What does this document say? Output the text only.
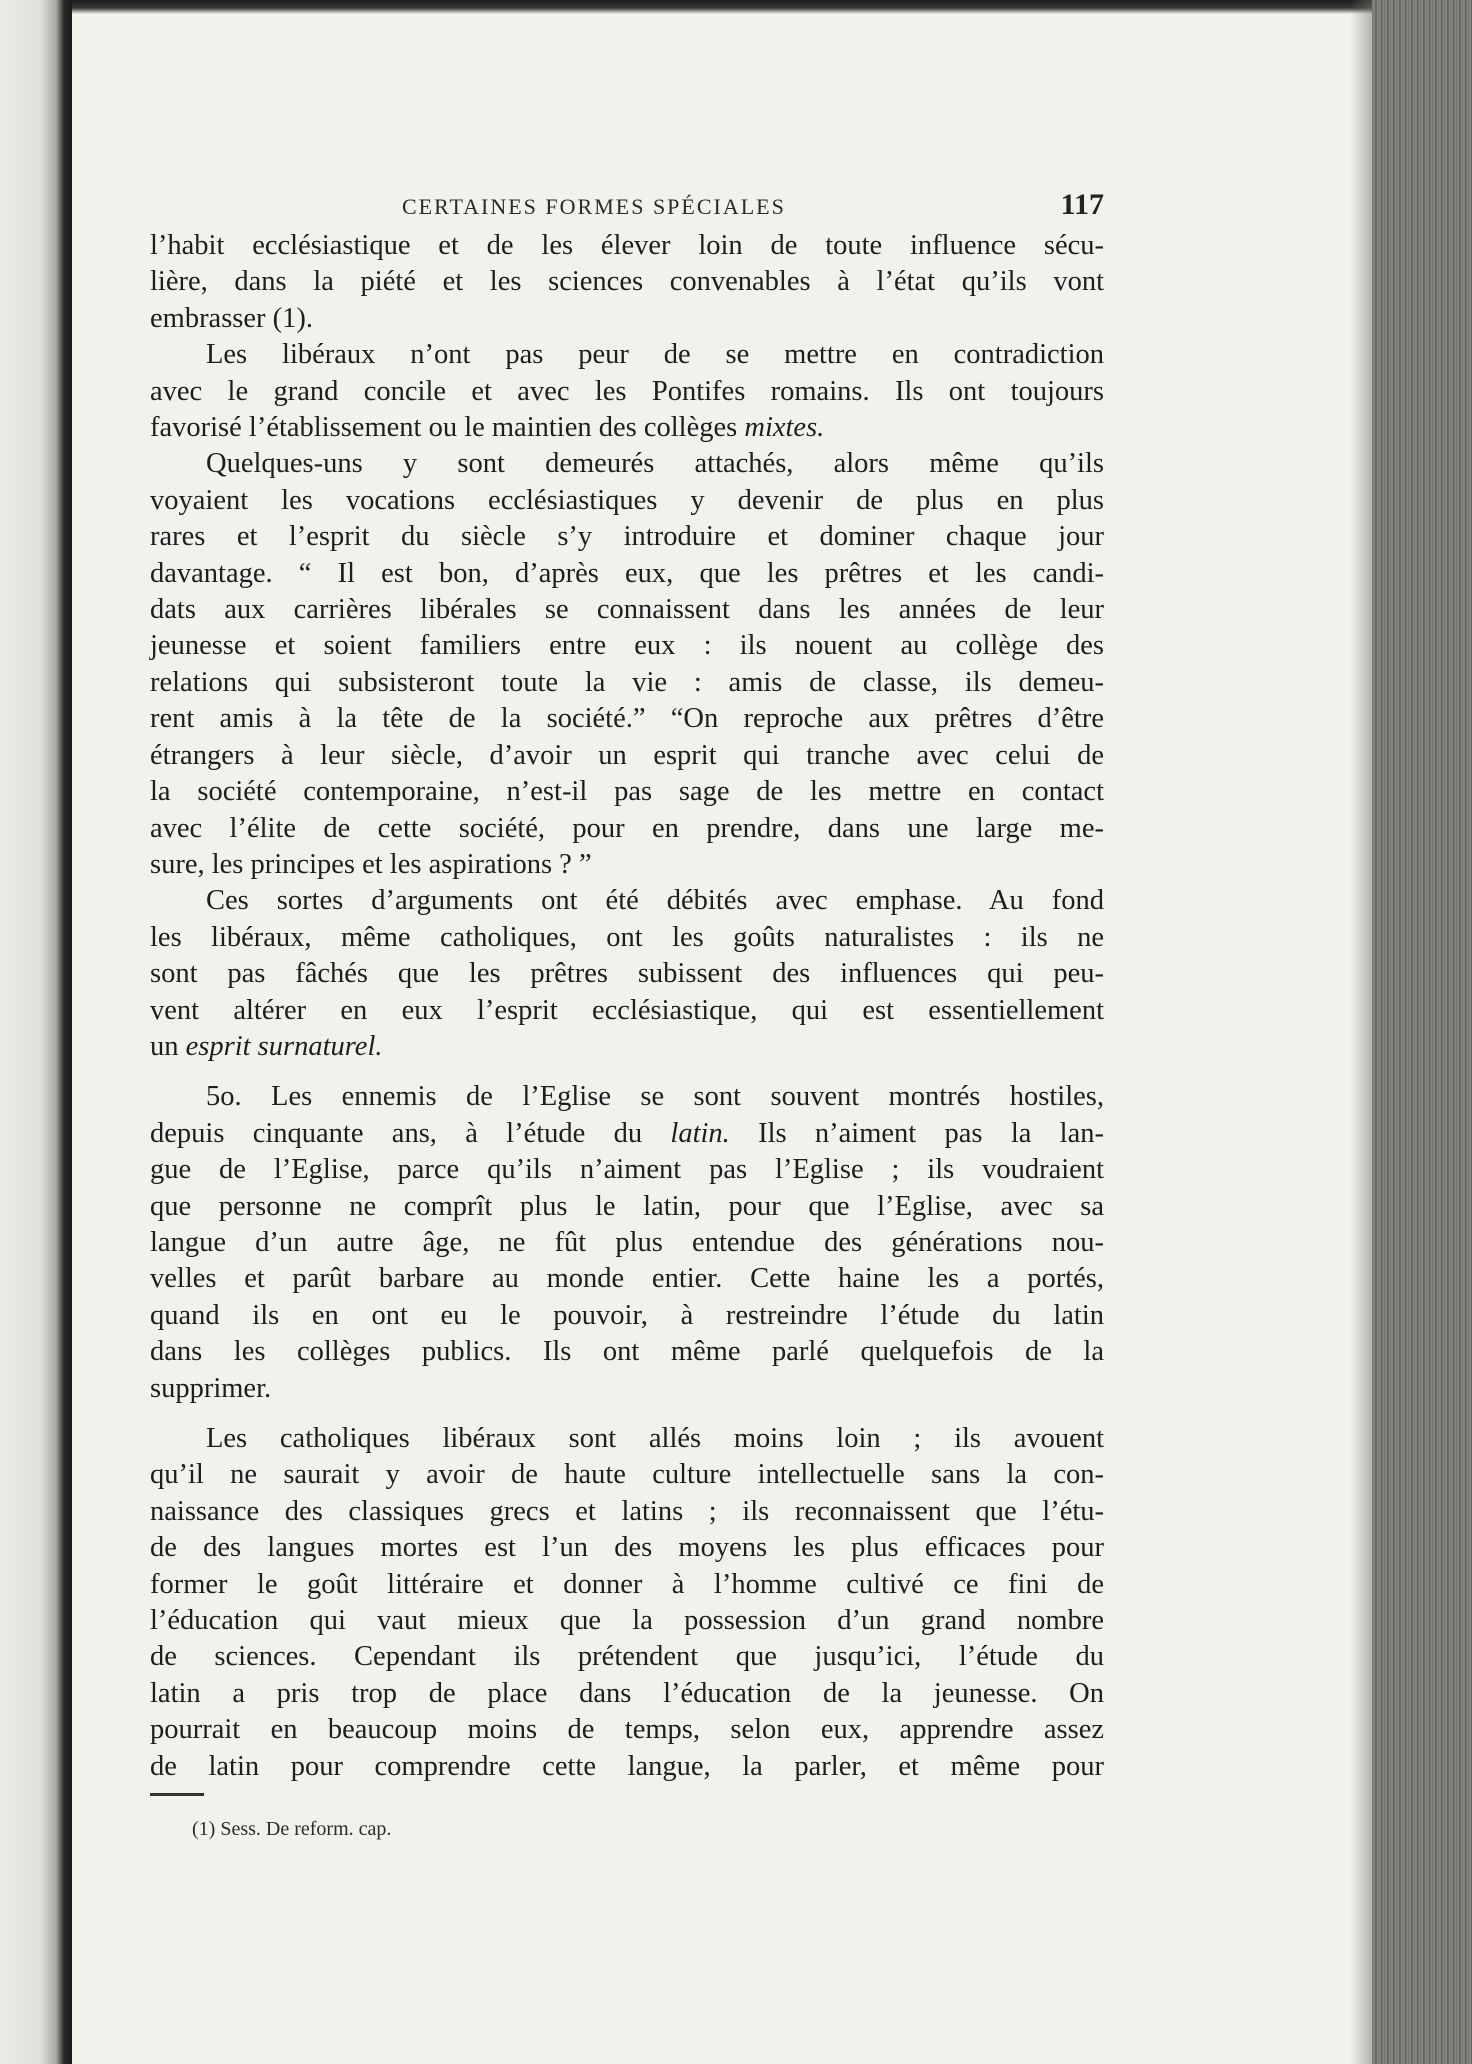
CERTAINES FORMES SPÉCIALES	117

l’habit ecclésiastique et de les élever loin de toute influence sécu-
lière, dans la piété et les sciences convenables à l’état qu’ils vont
embrasser (1).

Les libéraux n’ont pas peur de se mettre en contradiction
avec le grand concile et avec les Pontifes romains. Ils ont toujours
favorisé l’établissement ou le maintien des collèges mixtes.

Quelques-uns y sont demeurés attachés, alors même qu’ils
voyaient les vocations ecclésiastiques y devenir de plus en plus
rares et l’esprit du siècle s’y introduire et dominer chaque jour
davantage. “ Il est bon, d’après eux, que les prêtres et les candi-
dats aux carrières libérales se connaissent dans les années de leur
jeunesse et soient familiers entre eux : ils nouent au collège des
relations qui subsisteront toute la vie : amis de classe, ils demeu-
rent amis à la tête de la société.” “On reproche aux prêtres d’être
étrangers à leur siècle, d’avoir un esprit qui tranche avec celui de
la société contemporaine, n’est-il pas sage de les mettre en contact
avec l’élite de cette société, pour en prendre, dans une large me-
sure, les principes et les aspirations ? ”

Ces sortes d’arguments ont été débités avec emphase. Au fond
les libéraux, même catholiques, ont les goûts naturalistes : ils ne
sont pas fâchés que les prêtres subissent des influences qui peu-
vent altérer en eux l’esprit ecclésiastique, qui est essentiellement
un esprit surnaturel.

5o. Les ennemis de l’Eglise se sont souvent montrés hostiles,
depuis cinquante ans, à l’étude du latin. Ils n’aiment pas la lan-
gue de l’Eglise, parce qu’ils n’aiment pas l’Eglise ; ils voudraient
que personne ne comprît plus le latin, pour que l’Eglise, avec sa
langue d’un autre âge, ne fût plus entendue des générations nou-
velles et parût barbare au monde entier. Cette haine les a portés,
quand ils en ont eu le pouvoir, à restreindre l’étude du latin
dans les collèges publics. Ils ont même parlé quelquefois de la
supprimer.

Les catholiques libéraux sont allés moins loin ; ils avouent
qu’il ne saurait y avoir de haute culture intellectuelle sans la con-
naissance des classiques grecs et latins ; ils reconnaissent que l’étu-
de des langues mortes est l’un des moyens les plus efficaces pour
former le goût littéraire et donner à l’homme cultivé ce fini de
l’éducation qui vaut mieux que la possession d’un grand nombre
de sciences. Cependant ils prétendent que jusqu’ici, l’étude du
latin a pris trop de place dans l’éducation de la jeunesse. On
pourrait en beaucoup moins de temps, selon eux, apprendre assez
de latin pour comprendre cette langue, la parler, et même pour

(1) Sess. De reform. cap.
